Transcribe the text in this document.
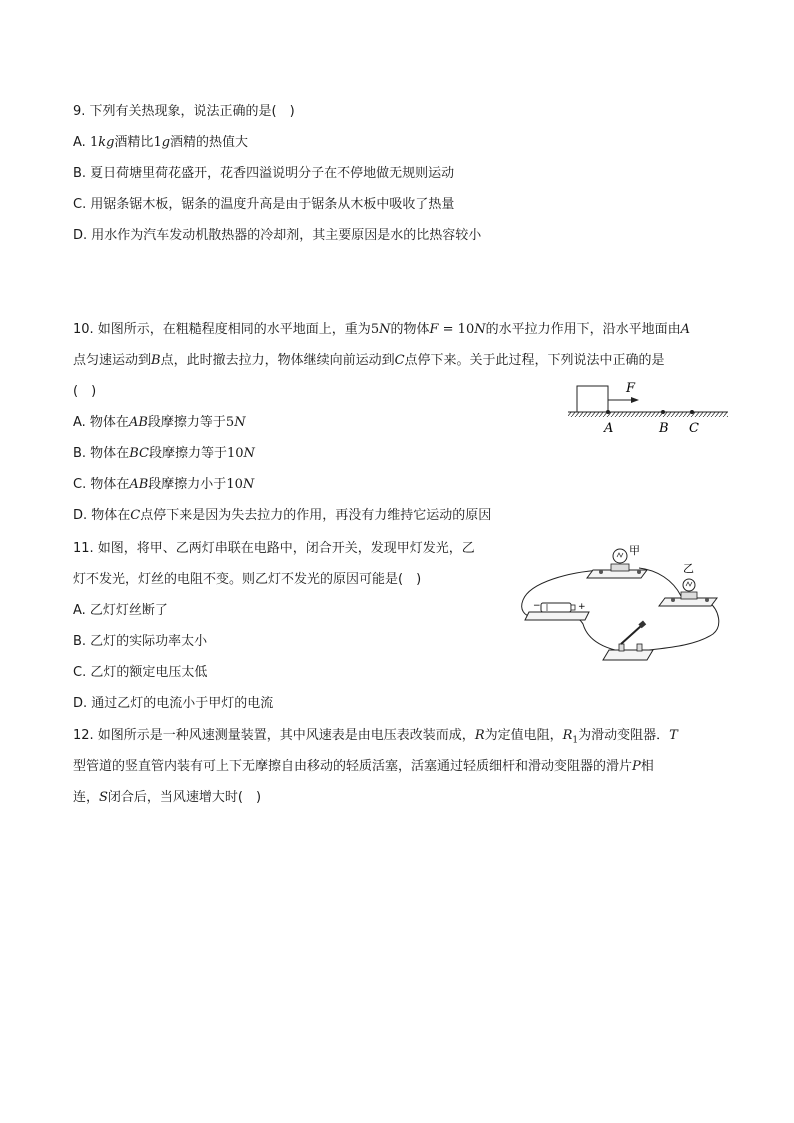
9. 下列有关热现象，说法正确的是(　)
A. 1kg酒精比1g酒精的热值大
B. 夏日荷塘里荷花盛开，花香四溢说明分子在不停地做无规则运动
C. 用锯条锯木板，锯条的温度升高是由于锯条从木板中吸收了热量
D. 用水作为汽车发动机散热器的冷却剂，其主要原因是水的比热容较小
10. 如图所示，在粗糙程度相同的水平地面上，重为5N的物体F = 10N的水平拉力作用下，沿水平地面由A
点匀速运动到B点，此时撤去拉力，物体继续向前运动到C点停下来。关于此过程，下列说法中正确的是
(　)
A. 物体在AB段摩擦力等于5N
B. 物体在BC段摩擦力等于10N
C. 物体在AB段摩擦力小于10N
D. 物体在C点停下来是因为失去拉力的作用，再没有力维持它运动的原因
F
A	B C
11. 如图，将甲、乙两灯串联在电路中，闭合开关，发现甲灯发光，乙
灯不发光，灯丝的电阻不变。则乙灯不发光的原因可能是(　)
A. 乙灯灯丝断了
B. 乙灯的实际功率太小
C. 乙灯的额定电压太低
D. 通过乙灯的电流小于甲灯的电流
甲
乙
−	+
12. 如图所示是一种风速测量装置，其中风速表是由电压表改装而成，R为定值电阻，$R_1$为滑动变阻器．T
型管道的竖直管内装有可上下无摩擦自由移动的轻质活塞，活塞通过轻质细杆和滑动变阻器的滑片P相
连，S闭合后，当风速增大时(　)
